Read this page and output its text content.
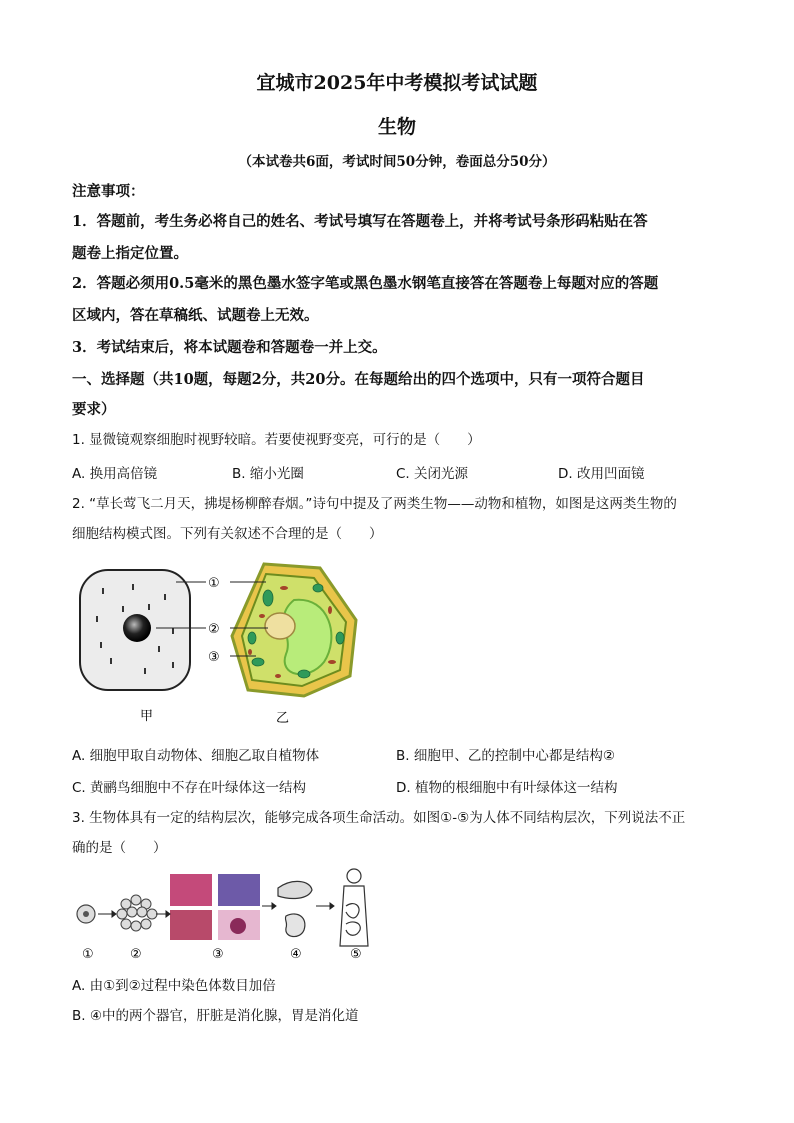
宜城市2025年中考模拟考试试题
生物
（本试卷共6面，考试时间50分钟，卷面总分50分）
注意事项：
1．答题前，考生务必将自己的姓名、考试号填写在答题卷上，并将考试号条形码粘贴在答
题卷上指定位置。
2．答题必须用0.5毫米的黑色墨水签字笔或黑色墨水钢笔直接答在答题卷上每题对应的答题
区域内，答在草稿纸、试题卷上无效。
3．考试结束后，将本试题卷和答题卷一并上交。
一、选择题（共10题，每题2分，共20分。在每题给出的四个选项中，只有一项符合题目
要求）
1. 显微镜观察细胞时视野较暗。若要使视野变亮，可行的是（　　）
A. 换用高倍镜	B. 缩小光圈	C. 关闭光源	D. 改用凹面镜
2. “草长莺飞二月天，拂堤杨柳醉春烟。”诗句中提及了两类生物——动物和植物，如图是这两类生物的
细胞结构模式图。下列有关叙述不合理的是（　　）
①
②
③
甲	乙
A. 细胞甲取自动物体、细胞乙取自植物体	B. 细胞甲、乙的控制中心都是结构②
C. 黄鹂鸟细胞中不存在叶绿体这一结构	D. 植物的根细胞中有叶绿体这一结构
3. 生物体具有一定的结构层次，能够完成各项生命活动。如图①-⑤为人体不同结构层次，下列说法不正
确的是（　　）
①	②	③	④	⑤
A. 由①到②过程中染色体数目加倍
B. ④中的两个器官，肝脏是消化腺，胃是消化道
